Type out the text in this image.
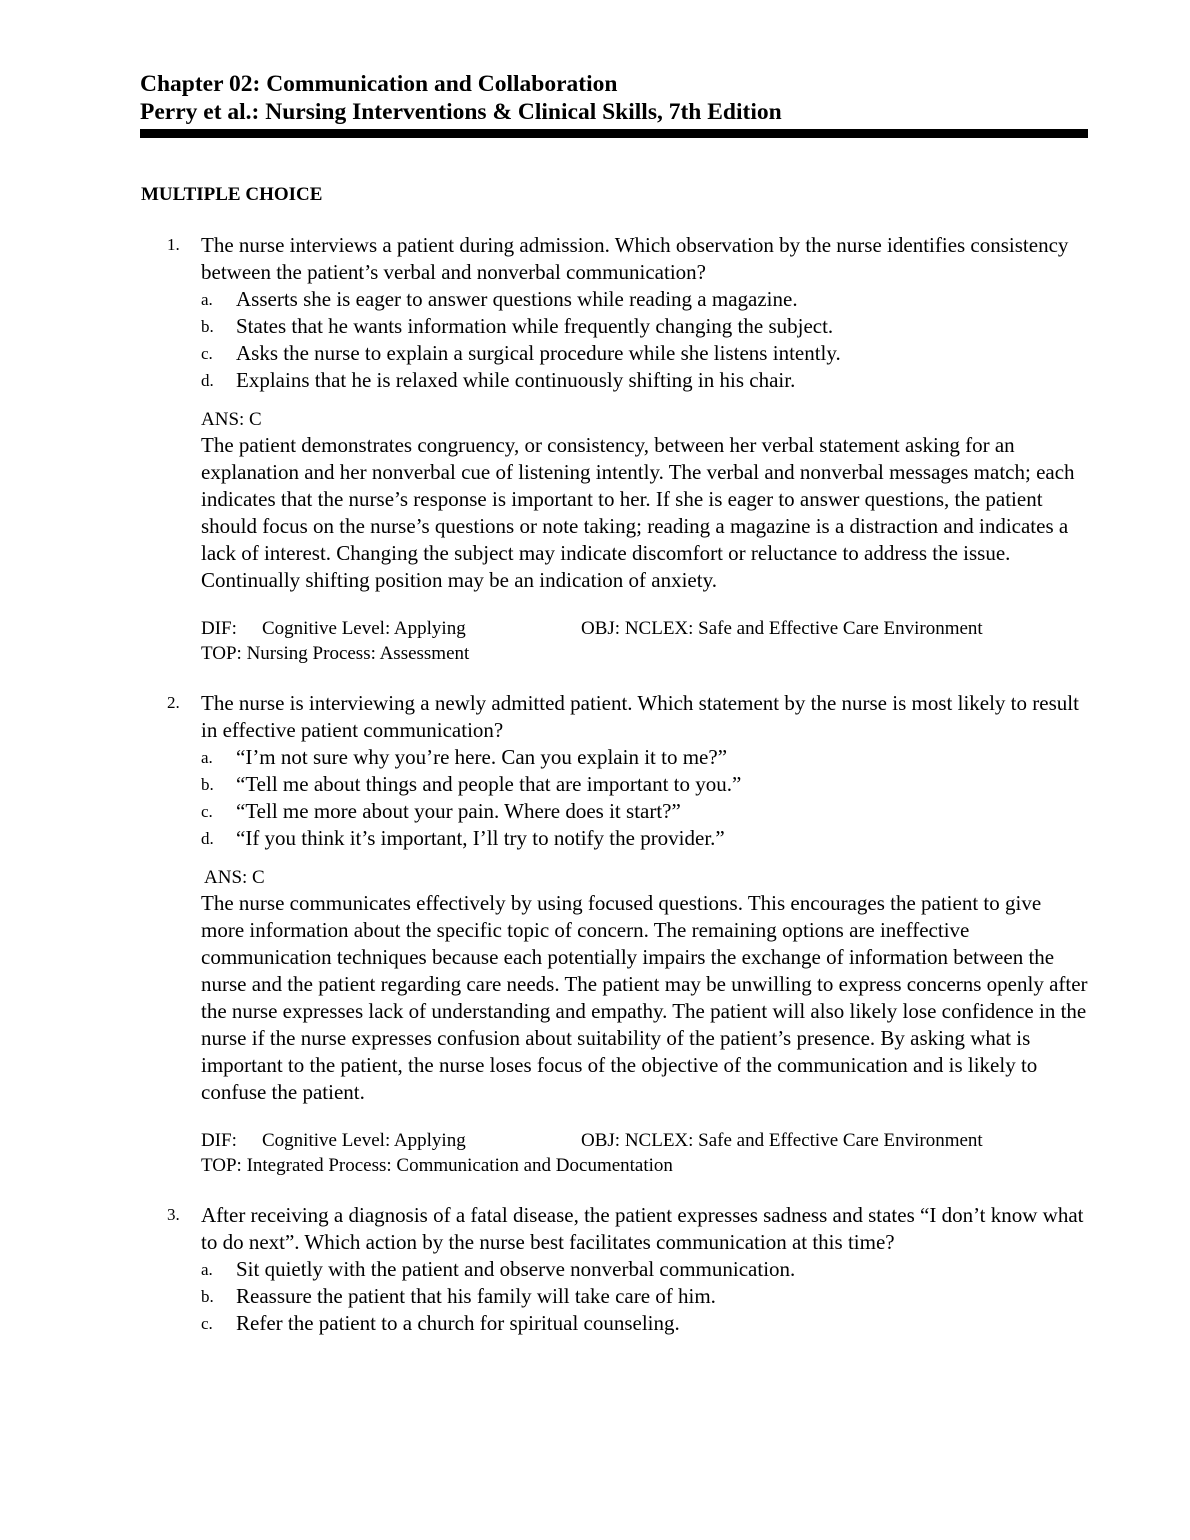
Chapter 02: Communication and Collaboration
Perry et al.: Nursing Interventions & Clinical Skills, 7th Edition
MULTIPLE CHOICE
1. The nurse interviews a patient during admission. Which observation by the nurse identifies consistency between the patient’s verbal and nonverbal communication?
a. Asserts she is eager to answer questions while reading a magazine.
b. States that he wants information while frequently changing the subject.
c. Asks the nurse to explain a surgical procedure while she listens intently.
d. Explains that he is relaxed while continuously shifting in his chair.
ANS: C
The patient demonstrates congruency, or consistency, between her verbal statement asking for an explanation and her nonverbal cue of listening intently. The verbal and nonverbal messages match; each indicates that the nurse’s response is important to her. If she is eager to answer questions, the patient should focus on the nurse’s questions or note taking; reading a magazine is a distraction and indicates a lack of interest. Changing the subject may indicate discomfort or reluctance to address the issue. Continually shifting position may be an indication of anxiety.
DIF: Cognitive Level: Applying	OBJ: NCLEX: Safe and Effective Care Environment
TOP: Nursing Process: Assessment
2. The nurse is interviewing a newly admitted patient. Which statement by the nurse is most likely to result in effective patient communication?
a. “I’m not sure why you’re here. Can you explain it to me?”
b. “Tell me about things and people that are important to you.”
c. “Tell me more about your pain. Where does it start?”
d. “If you think it’s important, I’ll try to notify the provider.”
ANS: C
The nurse communicates effectively by using focused questions. This encourages the patient to give more information about the specific topic of concern. The remaining options are ineffective communication techniques because each potentially impairs the exchange of information between the nurse and the patient regarding care needs. The patient may be unwilling to express concerns openly after the nurse expresses lack of understanding and empathy. The patient will also likely lose confidence in the nurse if the nurse expresses confusion about suitability of the patient’s presence. By asking what is important to the patient, the nurse loses focus of the objective of the communication and is likely to confuse the patient.
DIF: Cognitive Level: Applying	OBJ: NCLEX: Safe and Effective Care Environment
TOP: Integrated Process: Communication and Documentation
3. After receiving a diagnosis of a fatal disease, the patient expresses sadness and states “I don’t know what to do next”. Which action by the nurse best facilitates communication at this time?
a. Sit quietly with the patient and observe nonverbal communication.
b. Reassure the patient that his family will take care of him.
c. Refer the patient to a church for spiritual counseling.
